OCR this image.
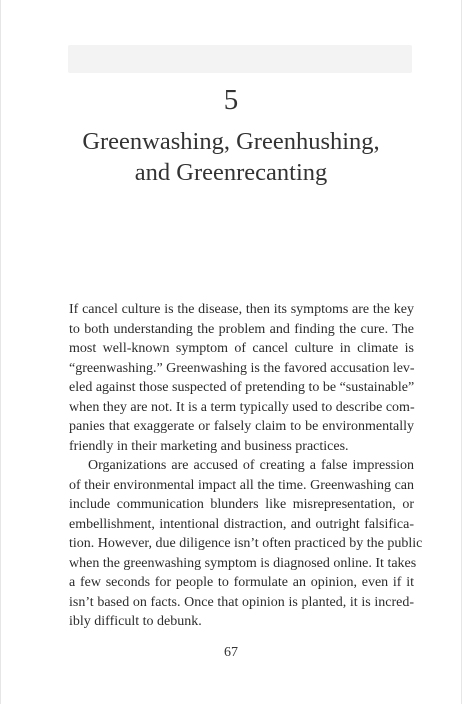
5
Greenwashing, Greenhushing,
and Greenrecanting

If cancel culture is the disease, then its symptoms are the key
to both understanding the problem and finding the cure. The
most well-known symptom of cancel culture in climate is
“greenwashing.” Greenwashing is the favored accusation lev-
eled against those suspected of pretending to be “sustainable”
when they are not. It is a term typically used to describe com-
panies that exaggerate or falsely claim to be environmentally
friendly in their marketing and business practices.

Organizations are accused of creating a false impression
of their environmental impact all the time. Greenwashing can
include communication blunders like misrepresentation, or
embellishment, intentional distraction, and outright falsifica-
tion. However, due diligence isn’t often practiced by the public
when the greenwashing symptom is diagnosed online. It takes
a few seconds for people to formulate an opinion, even if it
isn’t based on facts. Once that opinion is planted, it is incred-
ibly difficult to debunk.

67
